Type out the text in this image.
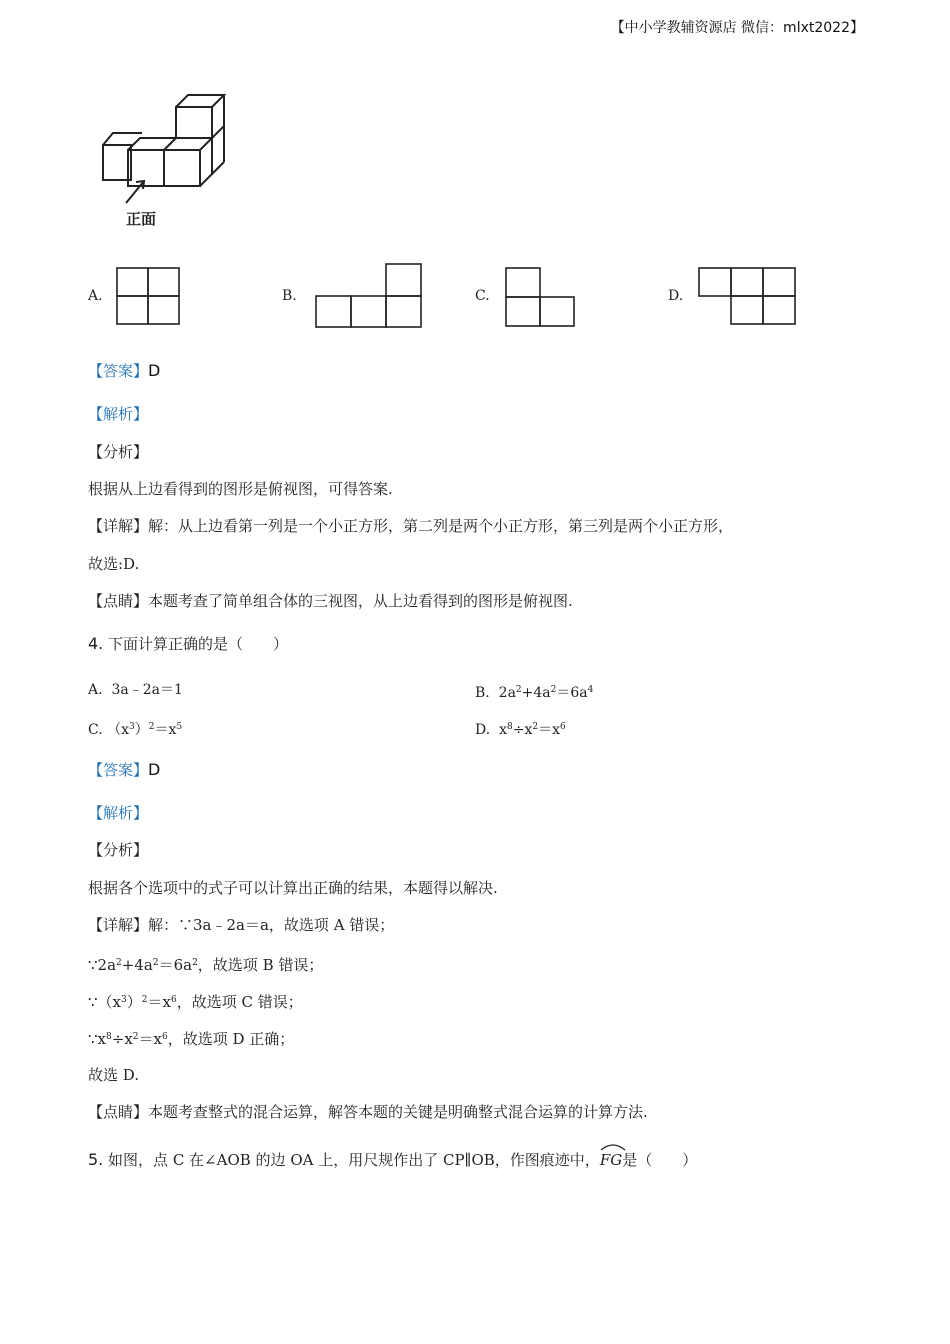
【中小学教辅资源店 微信：mlxt2022】
正面
A.	B.	C.	D.
【答案】D
【解析】
【分析】
根据从上边看得到的图形是俯视图，可得答案.
【详解】解：从上边看第一列是一个小正方形，第二列是两个小正方形，第三列是两个小正方形，
故选:D.
【点睛】本题考查了简单组合体的三视图，从上边看得到的图形是俯视图.
4. 下面计算正确的是（　　）
A. 3a﹣2a＝1	B. $2a^2+4a^2=6a^4$
C. $(x^3)^2=x^5$	D. $x^8\div x^2=x^6$
【答案】D
【解析】
【分析】
根据各个选项中的式子可以计算出正确的结果，本题得以解决.
【详解】解：∵3a﹣2a＝a，故选项 A 错误；
$\because 2a^2+4a^2=6a^2$，故选项 B 错误；
$\because(x^3)^2=x^6$，故选项 C 错误；
$\because x^8\div x^2=x^6$，故选项 D 正确；
故选 D.
【点睛】本题考查整式的混合运算，解答本题的关键是明确整式混合运算的计算方法.
5. 如图，点 C 在∠AOB 的边 OA 上，用尺规作出了 CP∥OB，作图痕迹中，
FG是（　　）
